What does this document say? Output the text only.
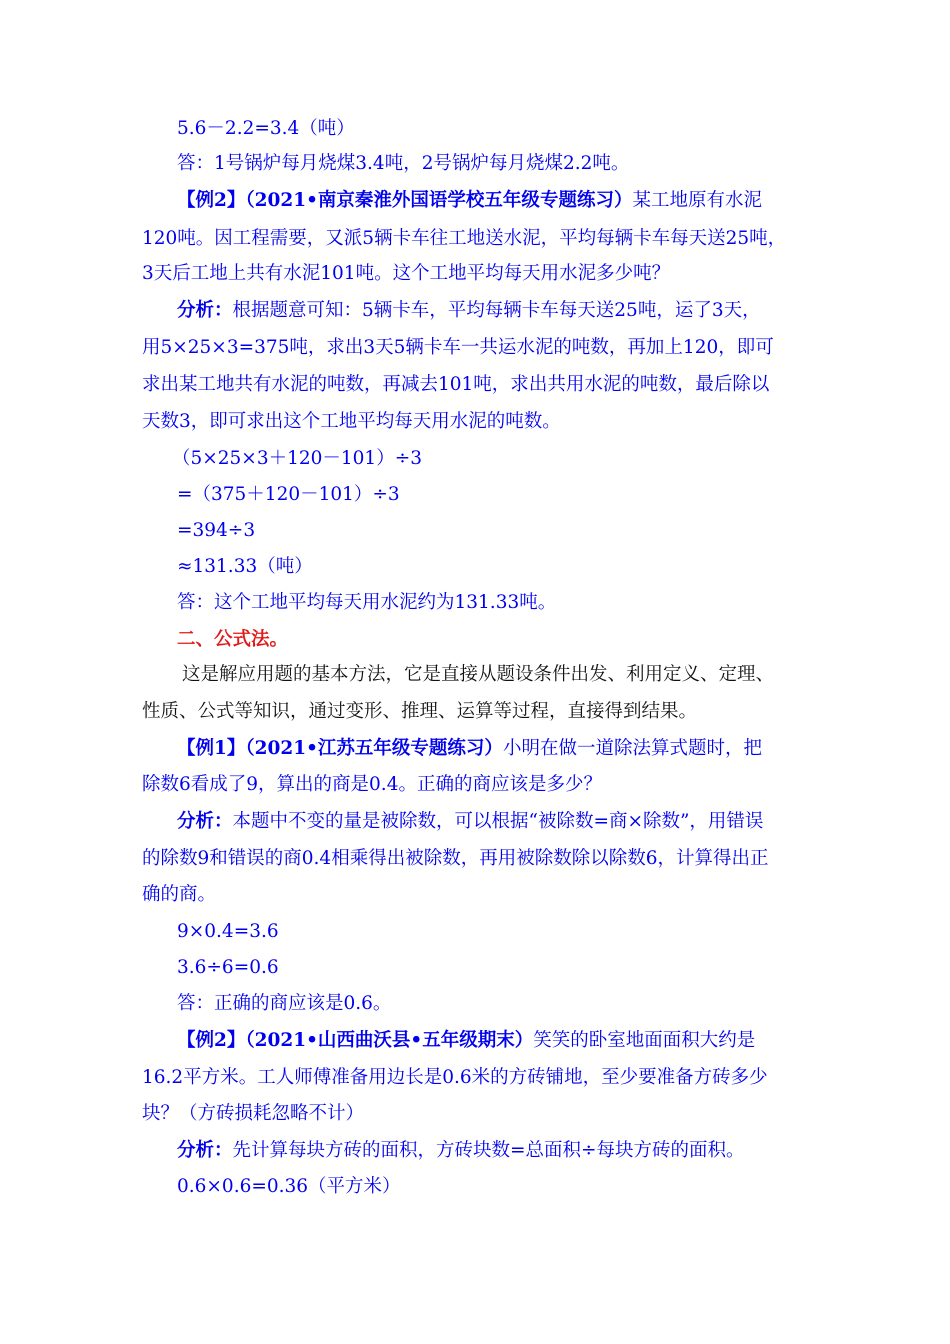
5.6－2.2=3.4（吨）
答：1号锅炉每月烧煤3.4吨，2号锅炉每月烧煤2.2吨。
【例2】（2021•南京秦淮外国语学校五年级专题练习）某工地原有水泥
120吨。因工程需要，又派5辆卡车往工地送水泥，平均每辆卡车每天送25吨，
3天后工地上共有水泥101吨。这个工地平均每天用水泥多少吨？
分析：根据题意可知：5辆卡车，平均每辆卡车每天送25吨，运了3天，
用5×25×3=375吨，求出3天5辆卡车一共运水泥的吨数，再加上120，即可
求出某工地共有水泥的吨数，再减去101吨，求出共用水泥的吨数，最后除以
天数3，即可求出这个工地平均每天用水泥的吨数。
（5×25×3＋120－101）÷3
=（375＋120－101）÷3
=394÷3
≈131.33（吨）
答：这个工地平均每天用水泥约为131.33吨。
二、公式法。
这是解应用题的基本方法，它是直接从题设条件出发、利用定义、定理、
性质、公式等知识，通过变形、推理、运算等过程，直接得到结果。
【例1】（2021•江苏五年级专题练习）小明在做一道除法算式题时，把
除数6看成了9，算出的商是0.4。正确的商应该是多少？
分析：本题中不变的量是被除数，可以根据“被除数=商×除数”，用错误
的除数9和错误的商0.4相乘得出被除数，再用被除数除以除数6，计算得出正
确的商。
9×0.4=3.6
3.6÷6=0.6
答：正确的商应该是0.6。
【例2】（2021•山西曲沃县•五年级期末）笑笑的卧室地面面积大约是
16.2平方米。工人师傅准备用边长是0.6米的方砖铺地，至少要准备方砖多少
块？（方砖损耗忽略不计）
分析：先计算每块方砖的面积，方砖块数=总面积÷每块方砖的面积。
0.6×0.6=0.36（平方米）
